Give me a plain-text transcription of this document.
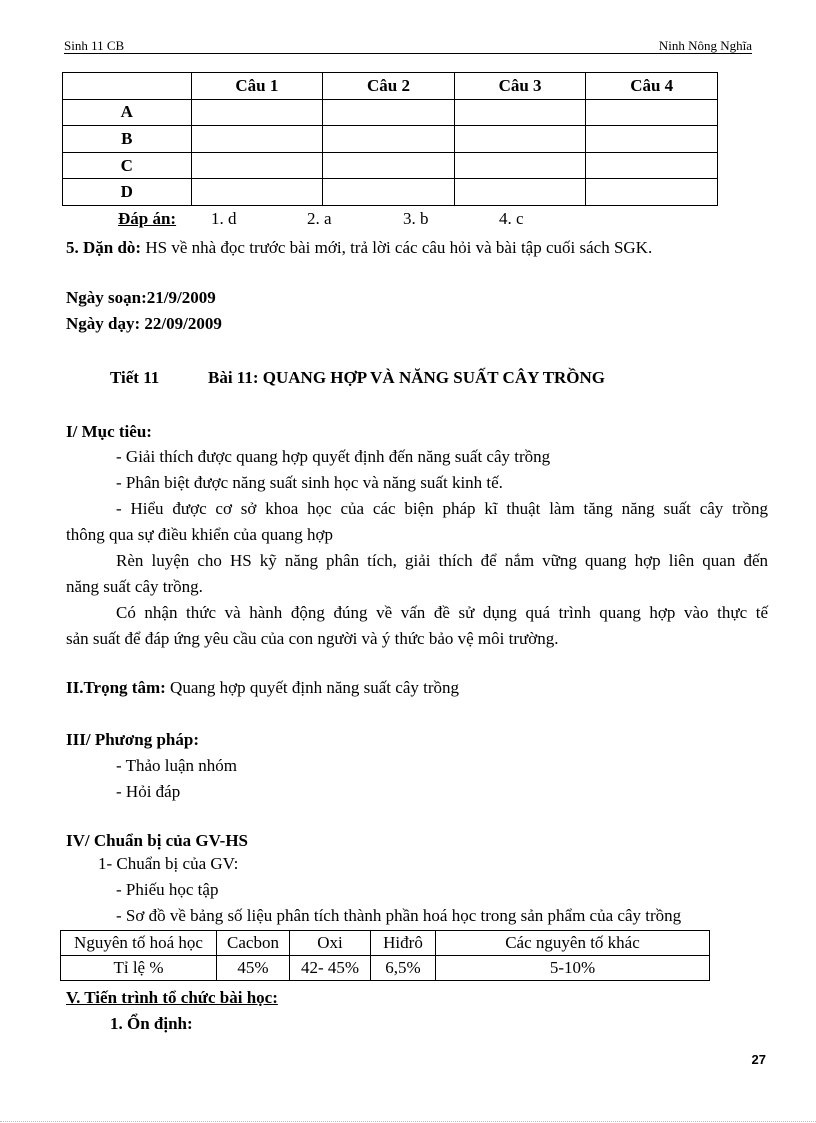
Sinh 11 CB	Ninh Nông Nghĩa
	Câu 1	Câu 2	Câu 3	Câu 4
A				
B				
C				
D				
Đáp án: 1. d	2. a	3. b	4. c
5. Dặn dò: HS về nhà đọc trước bài mới, trả lời các câu hỏi và bài tập cuối sách SGK.
Ngày soạn:21/9/2009
Ngày dạy: 22/09/2009
Tiết 11	Bài 11: QUANG HỢP VÀ NĂNG SUẤT CÂY TRỒNG
I/ Mục tiêu:
- Giải thích được quang hợp quyết định đến năng suất cây trồng
- Phân biệt được năng suất sinh học và năng suất kinh tế.
- Hiểu được cơ sở khoa học của các biện pháp kĩ thuật làm tăng năng suất cây trồng
thông qua sự điều khiển của quang hợp
Rèn luyện cho HS kỹ năng phân tích, giải thích để nắm vững quang hợp liên quan đến
năng suất cây trồng.
Có nhận thức và hành động đúng về vấn đề sử dụng quá trình quang hợp vào thực tế
sản suất để đáp ứng yêu cầu của con người và ý thức bảo vệ môi trường.
II.Trọng tâm: Quang hợp quyết định năng suất cây trồng
III/ Phương pháp:
- Thảo luận nhóm
- Hỏi đáp
IV/ Chuẩn bị của GV-HS
1- Chuẩn bị của GV:
- Phiếu học tập
- Sơ đồ về bảng số liệu phân tích thành phần hoá học trong sản phẩm của cây trồng
Nguyên tố hoá học	Cacbon	Oxi	Hiđrô	Các nguyên tố khác
Tỉ lệ %	45%	42- 45%	6,5%	5-10%
V. Tiến trình tổ chức bài học:
1. Ổn định:
27
